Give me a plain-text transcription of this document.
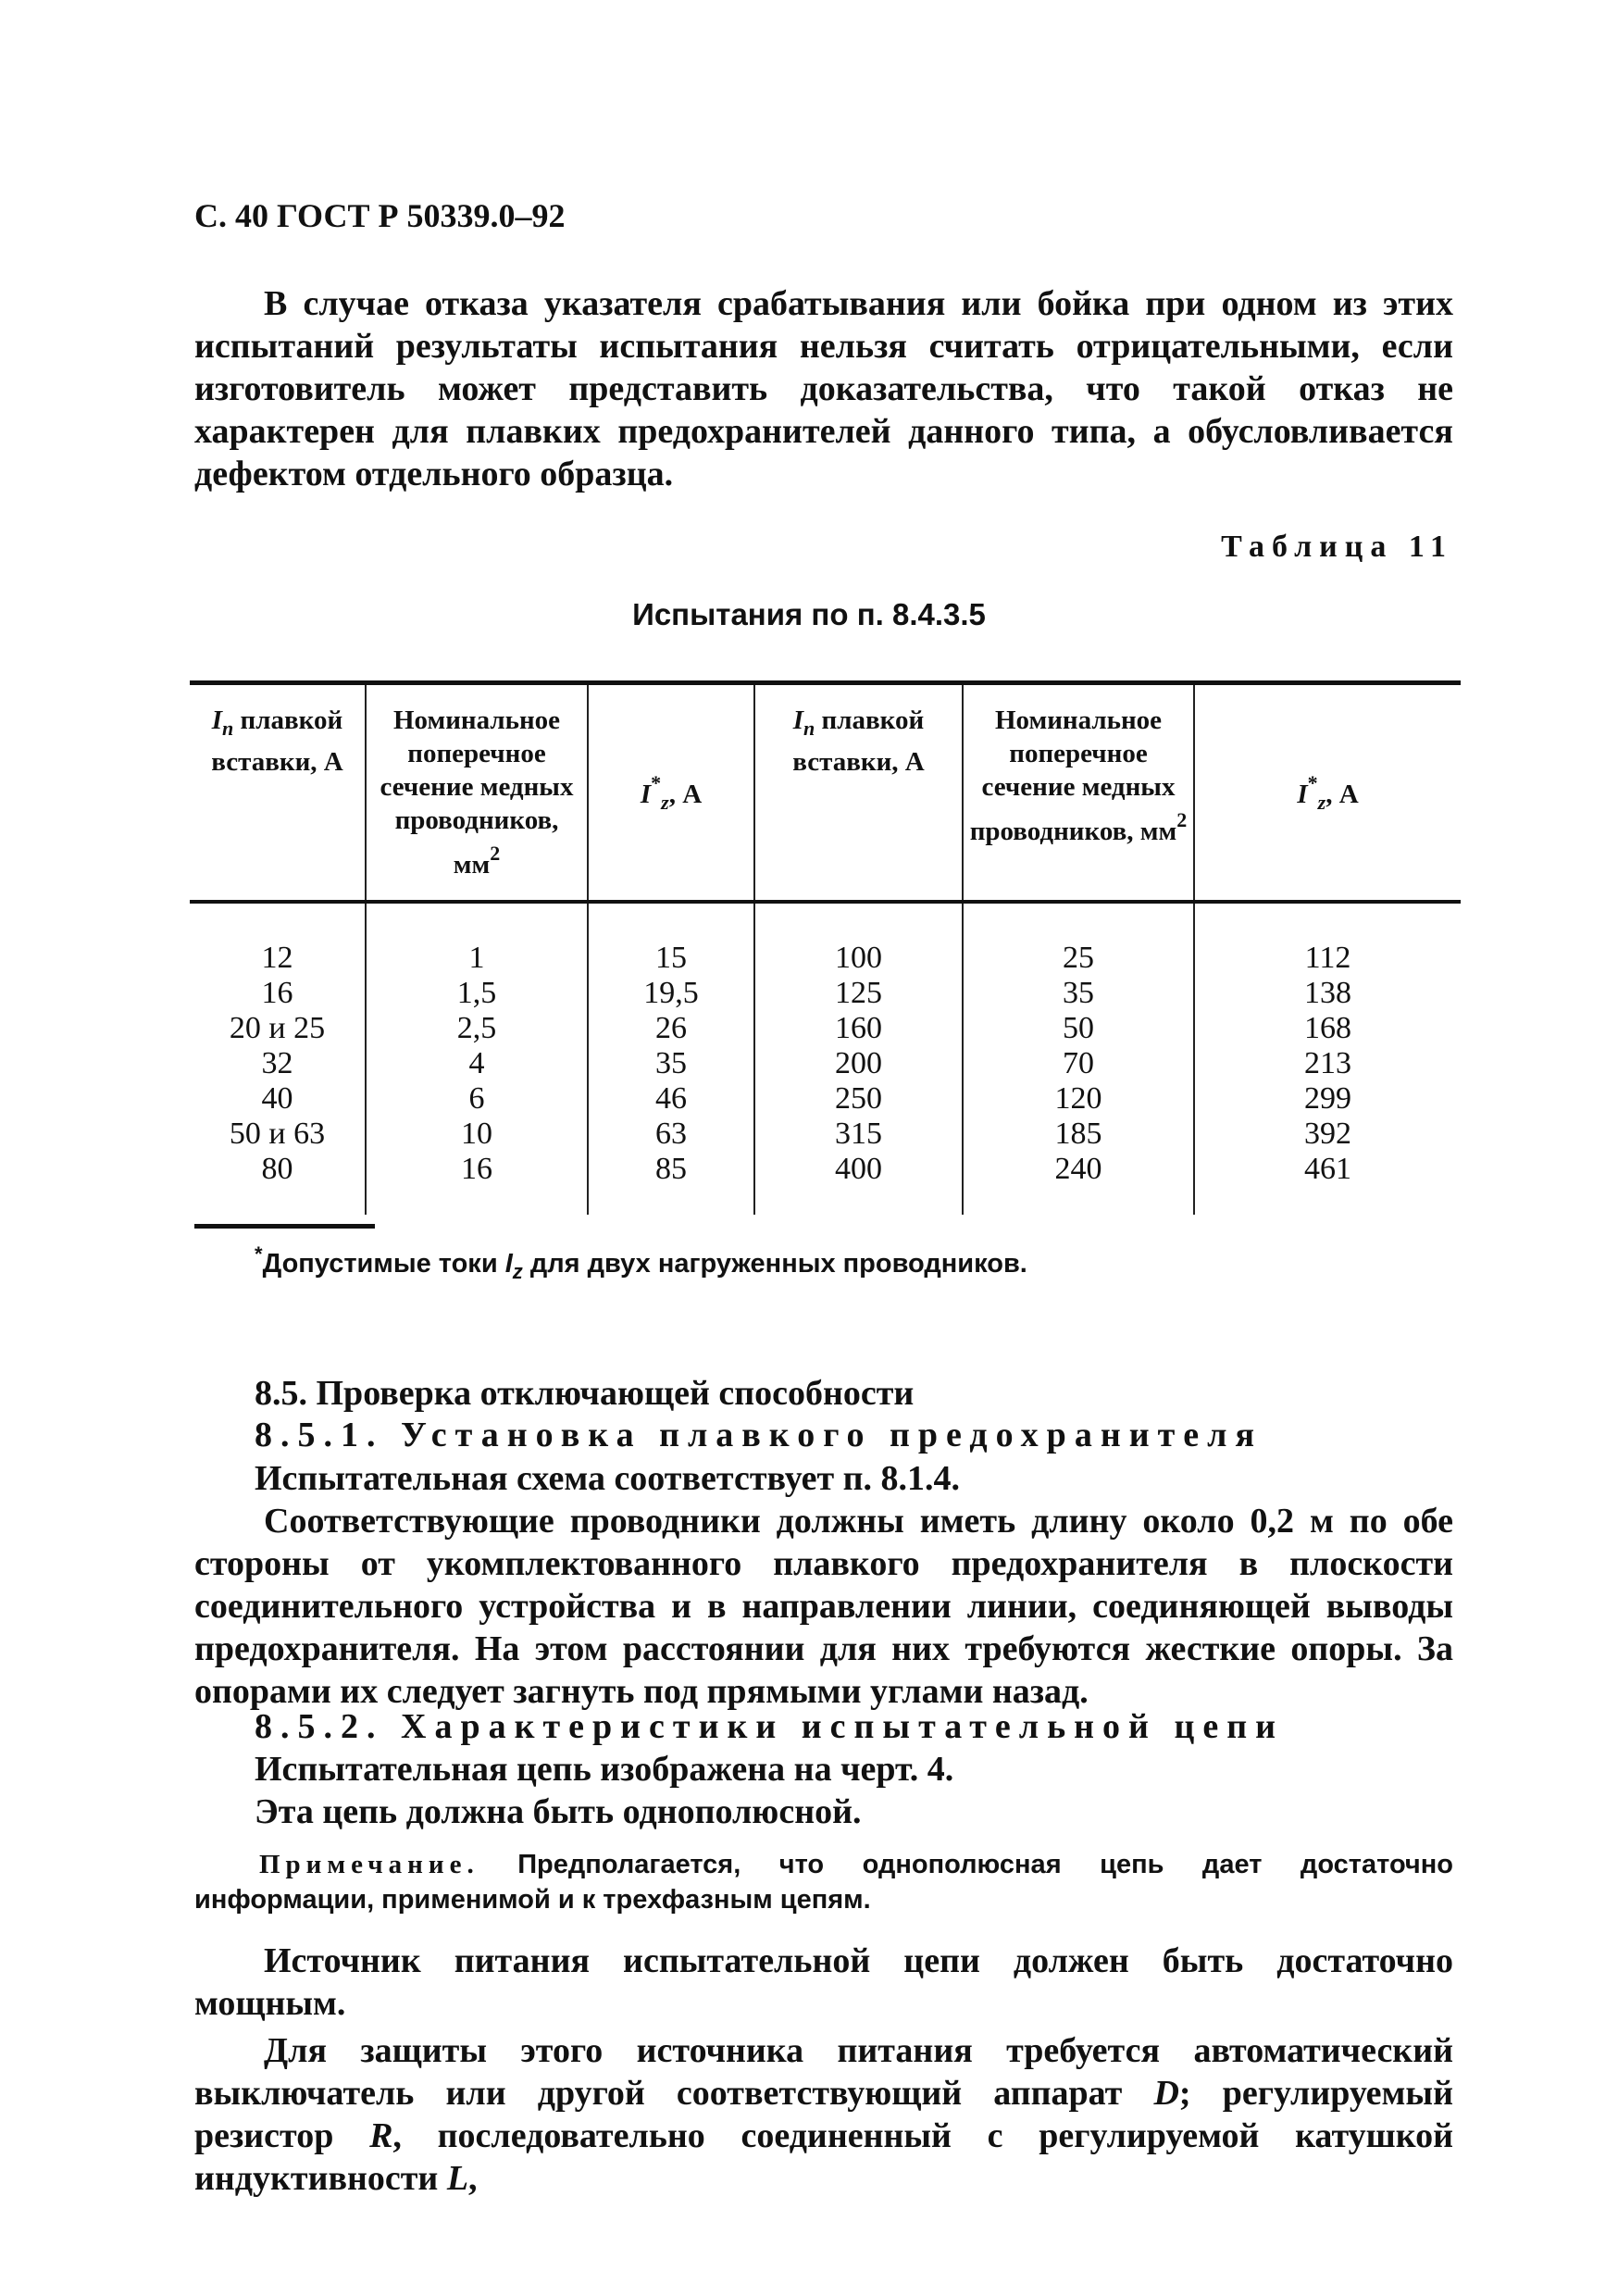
С. 40 ГОСТ Р 50339.0–92
В случае отказа указателя срабатывания или бойка при одном из этих испытаний результаты испытания нельзя считать отрицательными, если изготовитель может представить доказательства, что такой отказ не характерен для плавких предохранителей данного типа, а обусловливается дефектом отдельного образца.
Таблица 11
Испытания по п. 8.4.3.5
$I_n$ плавкой вставки, А	Номинальное поперечное сечение медных проводников, $мм^2$	$I^*_z$, А	$I_n$ плавкой вставки, А	Номинальное поперечное сечение медных проводников, $мм^2$	$I^*_z$, А
12	1	15	100	25	112
16	1,5	19,5	125	35	138
20 и 25	2,5	26	160	50	168
32	4	35	200	70	213
40	6	46	250	120	299
50 и 63	10	63	315	185	392
80	16	85	400	240	461
*Допустимые токи $I_z$ для двух нагруженных проводников.
8.5. Проверка отключающей способности
8.5.1. Установка плавкого предохранителя
Испытательная схема соответствует п. 8.1.4.
Соответствующие проводники должны иметь длину около 0,2 м по обе стороны от укомплектованного плавкого предохранителя в плоскости соединительного устройства и в направлении линии, соединяющей выводы предохранителя. На этом расстоянии для них требуются жесткие опоры. За опорами их следует загнуть под прямыми углами назад.
8.5.2. Характеристики испытательной цепи
Испытательная цепь изображена на черт. 4.
Эта цепь должна быть однополюсной.
Примечание. Предполагается, что однополюсная цепь дает достаточно информации, применимой и к трехфазным цепям.
Источник питания испытательной цепи должен быть достаточно мощным.
Для защиты этого источника питания требуется автоматический выключатель или другой соответствующий аппарат D; регулируемый резистор R, последовательно соединенный с регулируемой катушкой индуктивности L,
